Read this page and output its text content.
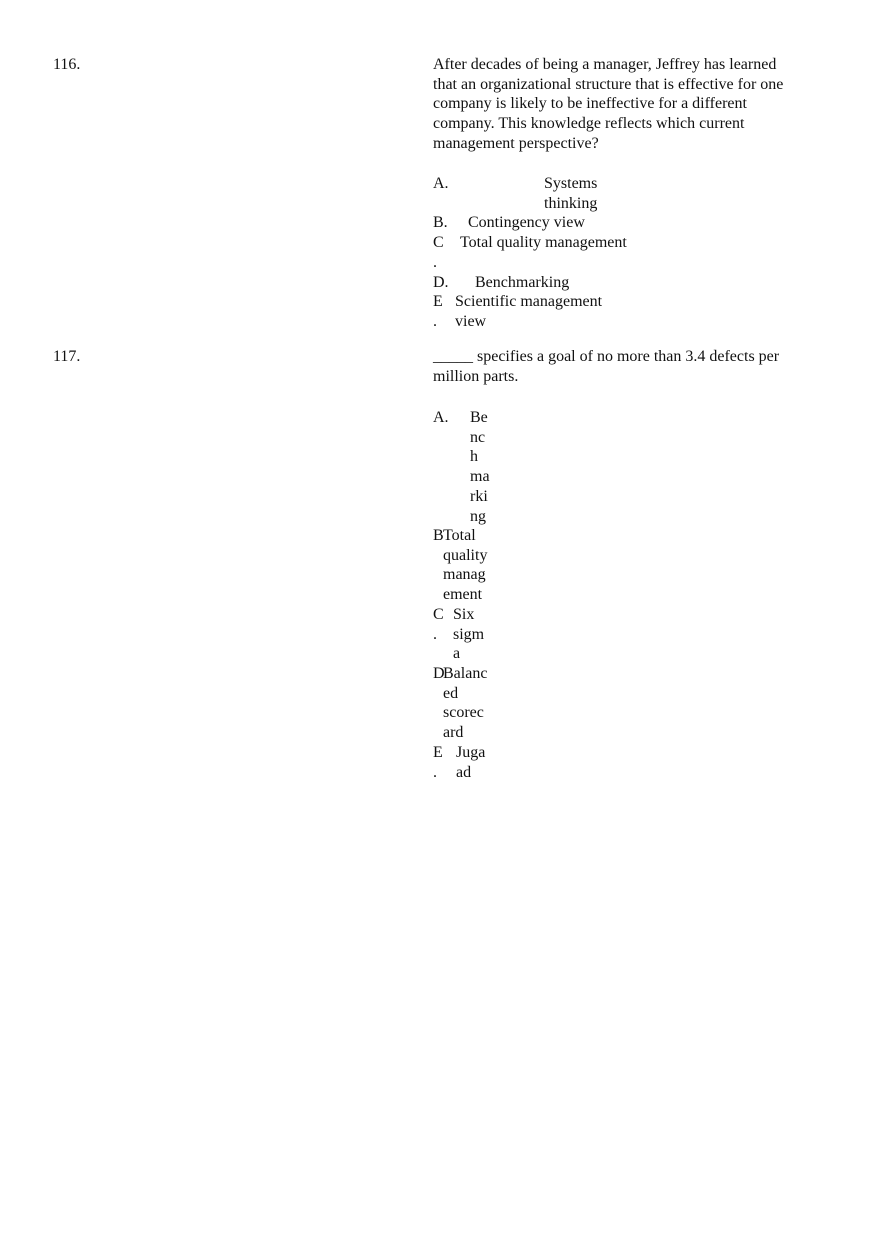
116.	After decades of being a manager, Jeffrey has learned that an organizational structure that is effective for one company is likely to be ineffective for a different company. This knowledge reflects which current management perspective?
A.	Systems
thinking
B. Contingency view
C
.
Total quality management
D. Benchmarking
E
.
Scientific management
view
117.	_____ specifies a goal of no more than 3.4 defects per million parts.
A. Be
nc
h
ma
rki
ng
B Total
quality
manag
ement
C
.
Six
sigm
a
D
Balanc
ed
scorec
ard
E
.
Juga
ad
